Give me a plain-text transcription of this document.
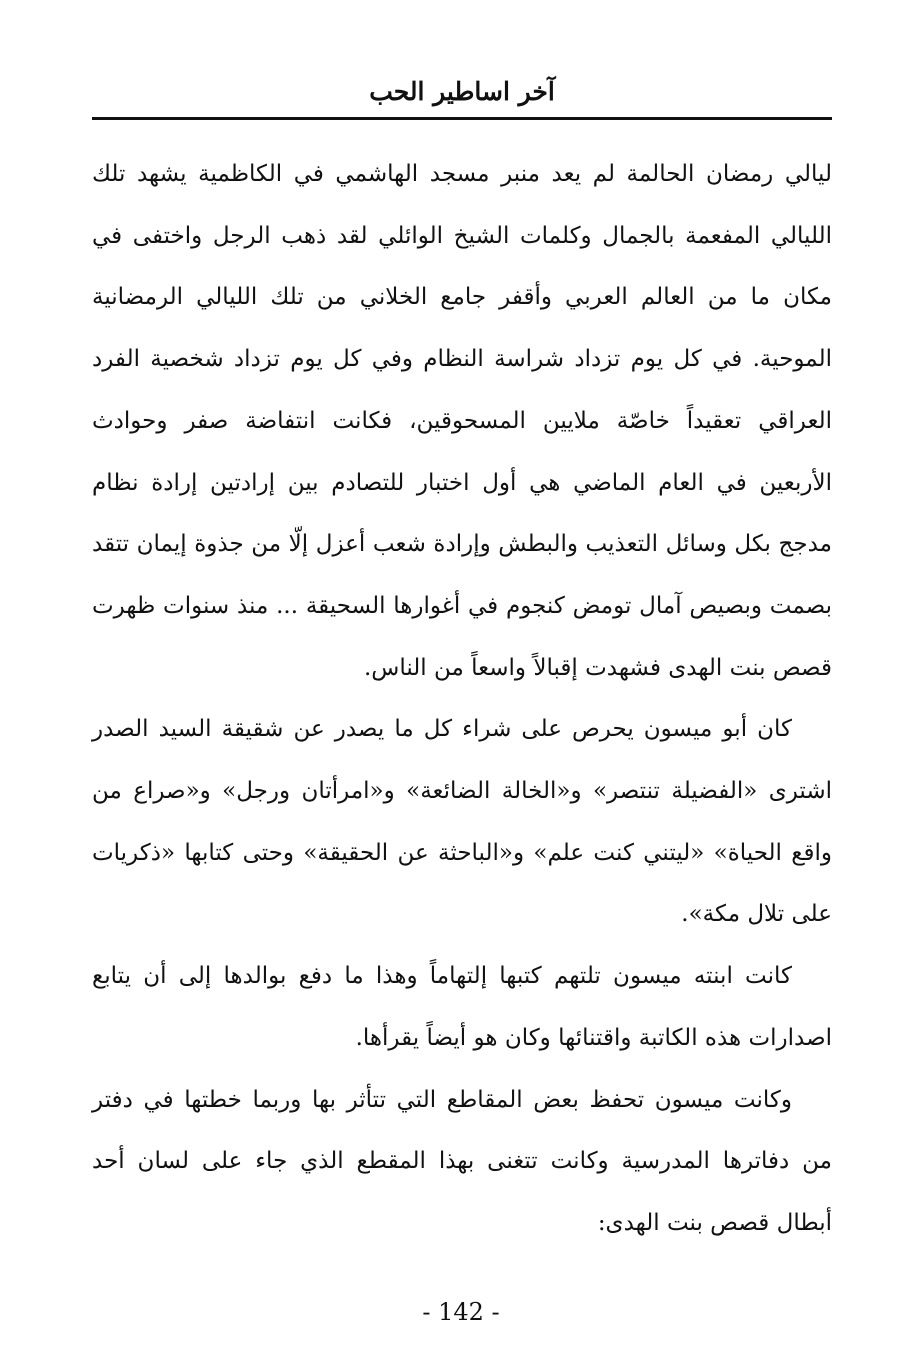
آخر اساطير الحب

ليالي رمضان الحالمة لم يعد منبر مسجد الهاشمي في الكاظمية يشهد تلك الليالي المفعمة بالجمال وكلمات الشيخ الوائلي لقد ذهب الرجل واختفى في مكان ما من العالم العربي وأقفر جامع الخلاني من تلك الليالي الرمضانية الموحية. في كل يوم تزداد شراسة النظام وفي كل يوم تزداد شخصية الفرد العراقي تعقيداً خاصّة ملايين المسحوقين، فكانت انتفاضة صفر وحوادث الأربعين في العام الماضي هي أول اختبار للتصادم بين إرادتين إرادة نظام مدجج بكل وسائل التعذيب والبطش وإرادة شعب أعزل إلّا من جذوة إيمان تتقد بصمت وبصيص آمال تومض كنجوم في أغوارها السحيقة ... منذ سنوات ظهرت قصص بنت الهدى فشهدت إقبالاً واسعاً من الناس.

كان أبو ميسون يحرص على شراء كل ما يصدر عن شقيقة السيد الصدر اشترى «الفضيلة تنتصر» و«الخالة الضائعة» و«امرأتان ورجل» و«صراع من واقع الحياة» «ليتني كنت علم» و«الباحثة عن الحقيقة» وحتى كتابها «ذكريات على تلال مكة».

كانت ابنته ميسون تلتهم كتبها إلتهاماً وهذا ما دفع بوالدها إلى أن يتابع اصدارات هذه الكاتبة واقتنائها وكان هو أيضاً يقرأها.

وكانت ميسون تحفظ بعض المقاطع التي تتأثر بها وربما خطتها في دفتر من دفاترها المدرسية وكانت تتغنى بهذا المقطع الذي جاء على لسان أحد أبطال قصص بنت الهدى:

- 142 -
